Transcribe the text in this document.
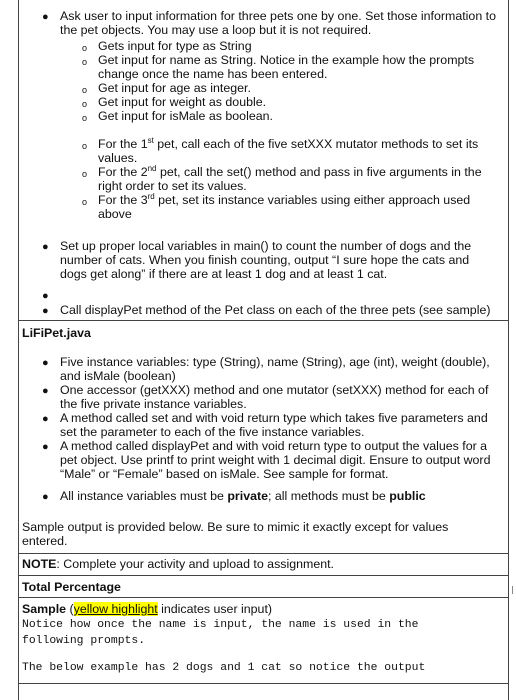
● Ask user to input information for three pets one by one. Set those information to the pet objects. You may use a loop but it is not required.
o Gets input for type as String
o Get input for name as String. Notice in the example how the prompts change once the name has been entered.
o Get input for age as integer.
o Get input for weight as double.
o Get input for isMale as boolean.
o For the 1st pet, call each of the five setXXX mutator methods to set its values.
o For the 2nd pet, call the set() method and pass in five arguments in the right order to set its values.
o For the 3rd pet, set its instance variables using either approach used above
● Set up proper local variables in main() to count the number of dogs and the number of cats. When you finish counting, output “I sure hope the cats and dogs get along” if there are at least 1 dog and at least 1 cat.
●
● Call displayPet method of the Pet class on each of the three pets (see sample)
LiFiPet.java
● Five instance variables: type (String), name (String), age (int), weight (double), and isMale (boolean)
● One accessor (getXXX) method and one mutator (setXXX) method for each of the five private instance variables.
● A method called set and with void return type which takes five parameters and set the parameter to each of the five instance variables.
● A method called displayPet and with void return type to output the values for a pet object. Use printf to print weight with 1 decimal digit. Ensure to output word “Male” or “Female” based on isMale. See sample for format.
● All instance variables must be private; all methods must be public
Sample output is provided below. Be sure to mimic it exactly except for values entered.
NOTE: Complete your activity and upload to assignment.
Total Percentage
Sample (yellow highlight indicates user input)
Notice how once the name is input, the name is used in the
following prompts.
The below example has 2 dogs and 1 cat so notice the output
